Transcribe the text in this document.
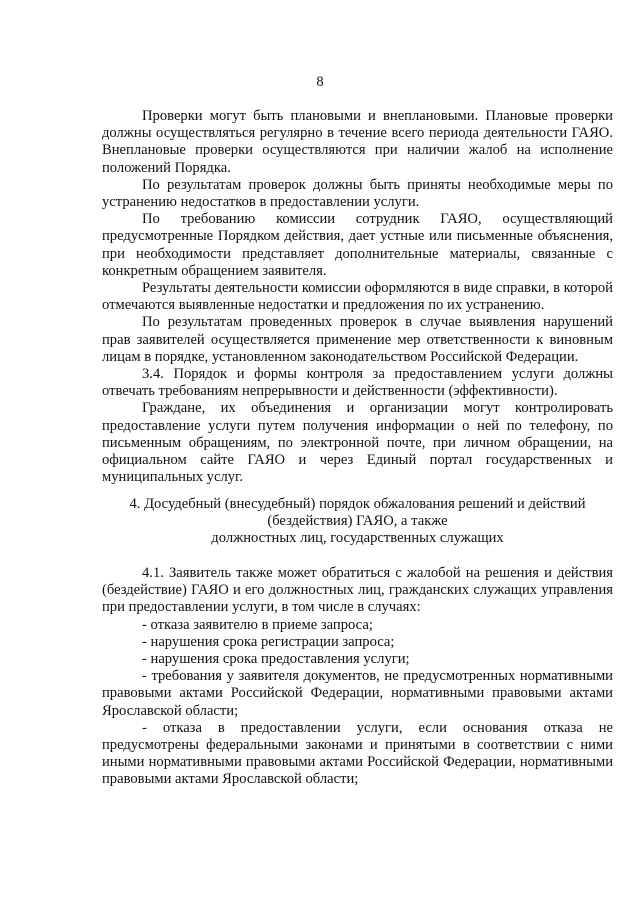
8

Проверки могут быть плановыми и внеплановыми. Плановые проверки должны осуществляться регулярно в течение всего периода деятельности ГАЯО. Внеплановые проверки осуществляются при наличии жалоб на исполнение положений Порядка.

По результатам проверок должны быть приняты необходимые меры по устранению недостатков в предоставлении услуги.

По требованию комиссии сотрудник ГАЯО, осуществляющий предусмотренные Порядком действия, дает устные или письменные объяснения, при необходимости представляет дополнительные материалы, связанные с конкретным обращением заявителя.

Результаты деятельности комиссии оформляются в виде справки, в которой отмечаются выявленные недостатки и предложения по их устранению.

По результатам проведенных проверок в случае выявления нарушений прав заявителей осуществляется применение мер ответственности к виновным лицам в порядке, установленном законодательством Российской Федерации.

3.4. Порядок и формы контроля за предоставлением услуги должны отвечать требованиям непрерывности и действенности (эффективности).

Граждане, их объединения и организации могут контролировать предоставление услуги путем получения информации о ней по телефону, по письменным обращениям, по электронной почте, при личном обращении, на официальном сайте ГАЯО и через Единый портал государственных и муниципальных услуг.

4. Досудебный (внесудебный) порядок обжалования решений и действий
(бездействия) ГАЯО, а также
должностных лиц, государственных служащих

4.1. Заявитель также может обратиться с жалобой на решения и действия (бездействие) ГАЯО и его должностных лиц, гражданских служащих управления при предоставлении услуги, в том числе в случаях:

- отказа заявителю в приеме запроса;

- нарушения срока регистрации запроса;

- нарушения срока предоставления услуги;

- требования у заявителя документов, не предусмотренных нормативными правовыми актами Российской Федерации, нормативными правовыми актами Ярославской области;

- отказа в предоставлении услуги, если основания отказа не предусмотрены федеральными законами и принятыми в соответствии с ними иными нормативными правовыми актами Российской Федерации, нормативными правовыми актами Ярославской области;
